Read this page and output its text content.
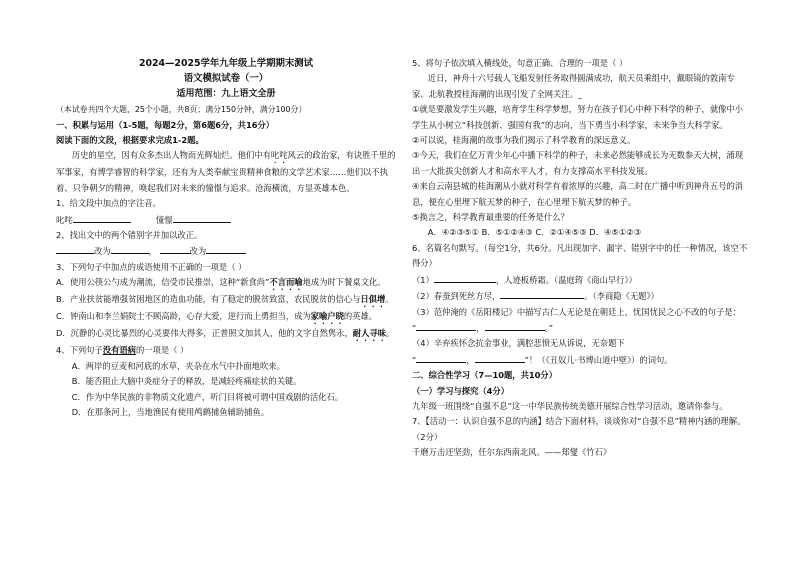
2024—2025学年九年级上学期期末测试

语文模拟试卷（一）

适用范围：九上语文全册

（本试卷共四个大题，25个小题，共8页；满分150分钟，满分100分）

一、积累与运用（1-5题，每题2分，第6题6分，共16分）

阅读下面的文段，根据要求完成1-2题。

历史的星空，因有众多杰出人物而光辉灿烂。他们中有叱咤风云的政治家，有诀胜千里的军事家，有博学睿智的科学家，还有为人类奉献宝贵精神食粮的文学艺术家……他们以不执着、只争朝夕的精神，唤起我们对未来的憧憬与追求。沧海横流，方显英雄本色。

1、给文段中加点的字注音。

叱咤	憧憬

2、找出文中的两个错别字并加以改正。

改为	，	改为

3、下列句子中加点的成语使用不正确的一项是（ ）

A．使用公筷公勺成为潮流，信受市民推崇，这种“新食尚”不言而喻地成为时下餐桌文化。

B．产业扶贫能增强贫困地区的造血功能，有了稳定的脱贫致富，农民脱贫的信心与日俱增。

C．钟南山和李兰娟院士不顾高龄，心存大爱，逆行而上勇担当，成为家喻户晓的英雄。

D．沉静的心灵比暴烈的心灵要伟大得多，正普照文加其人，他的文字自然隽永，耐人寻味。

4、下列句子没有语病的一项是（ ）

A．两岸的豆麦和河底的水草，夹杂在水气中扑面地吹来。

B．能否阻止大脑中炎症分子的释放，是减轻疼痛症状的关键。

C．作为中华民族的非物质文化遗产，听门目将被可谓中国戏剧的活化石。

D．在那条河上，当地渔民有使用鸬鹚捕鱼辅助捕鱼。

5、将句子依次填入横线处，句意正确、合理的一项是（ ）

近日，神舟十六号载人飞船发射任务取得圆满成功，航天员乘组中，戴眼镜的敦南专家、北航教授桂海潮的出现引发了全网关注。_

①就是要激发学生兴趣，培育学生科学梦想，努力在孩子们心中种下科学的种子，就像中小学生从小树立“科技创新、强国有我”的志向，当下勇当小科学家，未来争当大科学家。

②可以说，桂海潮的故事为我们揭示了科学教育的深远意义。

③今天，我们在亿万青少年心中播下科学的种子，未来必然能够成长为无数参天大树，涌现出一大批拔尖创新人才和高水平人才，有力支撑高水平科技发展。

④来自云南县城的桂海潮从小就对科学有着浓厚的兴趣，高二时在广播中听到神舟五号的消息，便在心里埋下航天梦的种子，在心里埋下航天梦的种子。

⑤换言之，科学教育最重要的任务是什么？

A．④②③⑤① B．⑤①②④③ C．②①④⑤③ D．④⑤①②③

6、名篇名句默写。（每空1分，共6分。凡出现加字、漏字、错别字中的任一种情况，该空不得分）

（1）	，人迹板桥霜。（温庭筠《商山早行》）

（2）春蚕到死丝方尽，	。（李商隐《无题》）

（3）范仲淹的《岳阳楼记》中描写古仁人无论是在朝廷上，忧国忧民之心不改的句子是：

“	，	。”

（4）辛弃疾怀念抗金事业，满腔悲愤无从诉说，无奈题下

“	，	”！（《丑奴儿·书博山道中壁》）的词句。

二、综合性学习（7—10题，共10分）

（一）学习与探究（4分）

九年级一班围绕“自强不息”这一中华民族传统美德开展综合性学习活动，邀请你参与。

7、【活动一：认识自强不息的内涵】结合下面材料，谈谈你对“自强不息”精神内涵的理解。（2分）

千磨万击还坚劲，任尔东西南北风。——郑燮《竹石》
